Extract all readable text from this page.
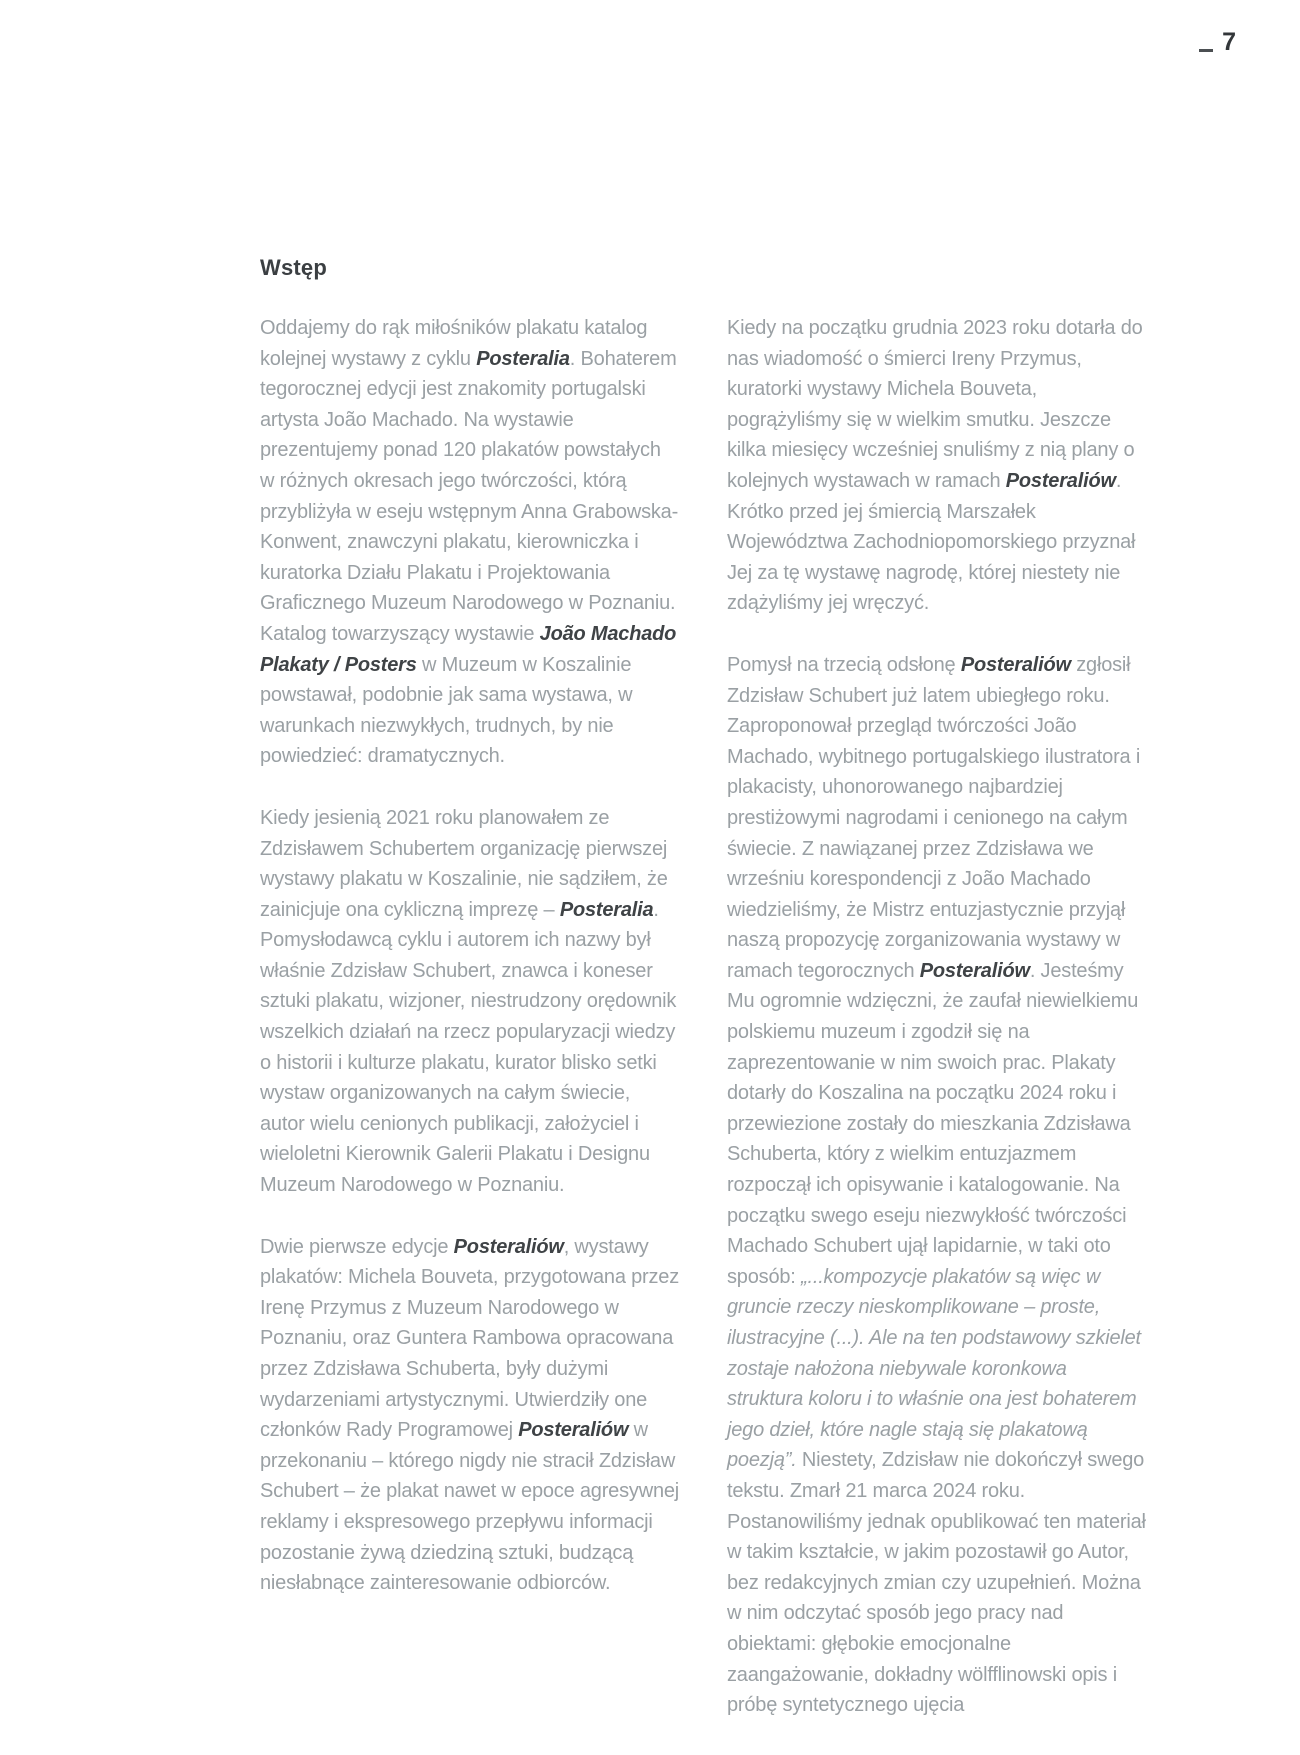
7
Wstęp

Oddajemy do rąk miłośników plakatu katalog kolejnej wystawy z cyklu Posteralia. Bohaterem tegorocznej edycji jest znakomity portugalski artysta João Machado. Na wystawie prezentujemy ponad 120 plakatów powstałych w różnych okresach jego twórczości, którą przybliżyła w eseju wstępnym Anna Grabowska-Konwent, znawczyni plakatu, kierowniczka i kuratorka Działu Plakatu i Projektowania Graficznego Muzeum Narodowego w Poznaniu. Katalog towarzyszący wystawie João Machado Plakaty / Posters w Muzeum w Koszalinie powstawał, podobnie jak sama wystawa, w warunkach niezwykłych, trudnych, by nie powiedzieć: dramatycznych.

Kiedy jesienią 2021 roku planowałem ze Zdzisławem Schubertem organizację pierwszej wystawy plakatu w Koszalinie, nie sądziłem, że zainicjuje ona cykliczną imprezę – Posteralia. Pomysłodawcą cyklu i autorem ich nazwy był właśnie Zdzisław Schubert, znawca i koneser sztuki plakatu, wizjoner, niestrudzony orędownik wszelkich działań na rzecz popularyzacji wiedzy o historii i kulturze plakatu, kurator blisko setki wystaw organizowanych na całym świecie, autor wielu cenionych publikacji, założyciel i wieloletni Kierownik Galerii Plakatu i Designu Muzeum Narodowego w Poznaniu.

Dwie pierwsze edycje Posteraliów, wystawy plakatów: Michela Bouveta, przygotowana przez Irenę Przymus z Muzeum Narodowego w Poznaniu, oraz Guntera Rambowa opracowana przez Zdzisława Schuberta, były dużymi wydarzeniami artystycznymi. Utwierdziły one członków Rady Programowej Posteraliów w przekonaniu – którego nigdy nie stracił Zdzisław Schubert – że plakat nawet w epoce agresywnej reklamy i ekspresowego przepływu informacji pozostanie żywą dziedziną sztuki, budzącą niesłabnące zainteresowanie odbiorców.

Kiedy na początku grudnia 2023 roku dotarła do nas wiadomość o śmierci Ireny Przymus, kuratorki wystawy Michela Bouveta, pogrążyliśmy się w wielkim smutku. Jeszcze kilka miesięcy wcześniej snuliśmy z nią plany o kolejnych wystawach w ramach Posteraliów. Krótko przed jej śmiercią Marszałek Województwa Zachodniopomorskiego przyznał Jej za tę wystawę nagrodę, której niestety nie zdążyliśmy jej wręczyć.

Pomysł na trzecią odsłonę Posteraliów zgłosił Zdzisław Schubert już latem ubiegłego roku. Zaproponował przegląd twórczości João Machado, wybitnego portugalskiego ilustratora i plakacisty, uhonorowanego najbardziej prestiżowymi nagrodami i cenionego na całym świecie. Z nawiązanej przez Zdzisława we wrześniu korespondencji z João Machado wiedzieliśmy, że Mistrz entuzjastycznie przyjął naszą propozycję zorganizowania wystawy w ramach tegorocznych Posteraliów. Jesteśmy Mu ogromnie wdzięczni, że zaufał niewielkiemu polskiemu muzeum i zgodził się na zaprezentowanie w nim swoich prac. Plakaty dotarły do Koszalina na początku 2024 roku i przewiezione zostały do mieszkania Zdzisława Schuberta, który z wielkim entuzjazmem rozpoczął ich opisywanie i katalogowanie. Na początku swego eseju niezwykłość twórczości Machado Schubert ujął lapidarnie, w taki oto sposób: „...kompozycje plakatów są więc w gruncie rzeczy nieskomplikowane – proste, ilustracyjne (...). Ale na ten podstawowy szkielet zostaje nałożona niebywale koronkowa struktura koloru i to właśnie ona jest bohaterem jego dzieł, które nagle stają się plakatową poezją”. Niestety, Zdzisław nie dokończył swego tekstu. Zmarł 21 marca 2024 roku. Postanowiliśmy jednak opublikować ten materiał w takim kształcie, w jakim pozostawił go Autor, bez redakcyjnych zmian czy uzupełnień. Można w nim odczytać sposób jego pracy nad obiektami: głębokie emocjonalne zaangażowanie, dokładny wölfflinowski opis i próbę syntetycznego ujęcia
